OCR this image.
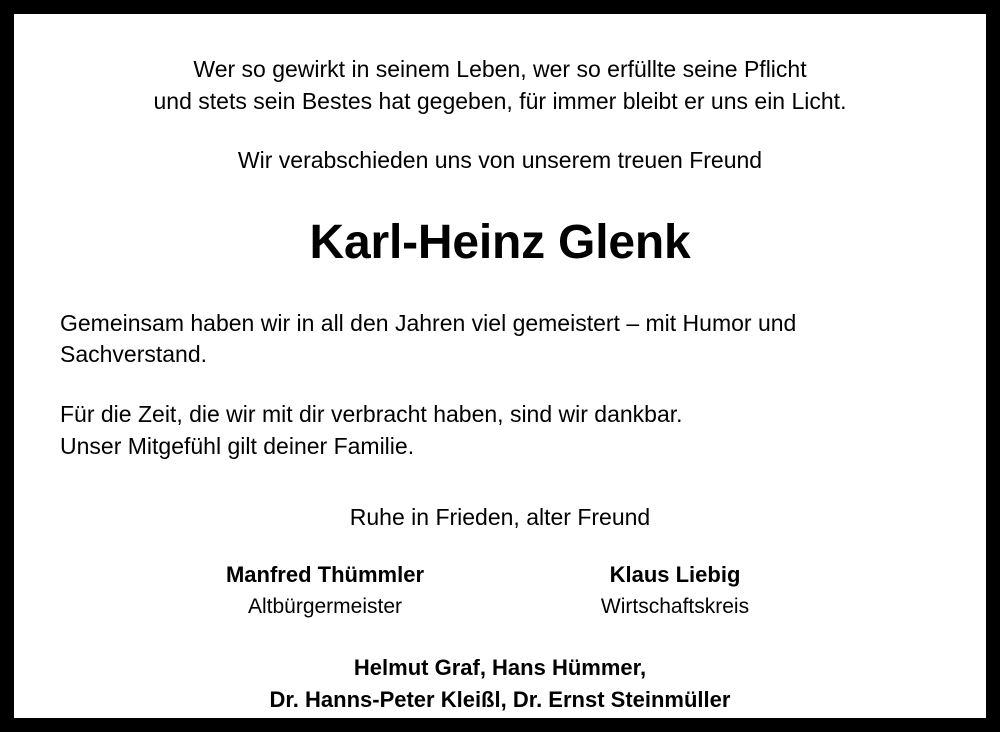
Wer so gewirkt in seinem Leben, wer so erfüllte seine Pflicht
und stets sein Bestes hat gegeben, für immer bleibt er uns ein Licht.
Wir verabschieden uns von unserem treuen Freund
Karl-Heinz Glenk
Gemeinsam haben wir in all den Jahren viel gemeistert – mit Humor und
Sachverstand.
Für die Zeit, die wir mit dir verbracht haben, sind wir dankbar.
Unser Mitgefühl gilt deiner Familie.
Ruhe in Frieden, alter Freund
Manfred Thümmler
Altbürgermeister
Klaus Liebig
Wirtschaftskreis
Helmut Graf, Hans Hümmer,
Dr. Hanns-Peter Kleißl, Dr. Ernst Steinmüller
